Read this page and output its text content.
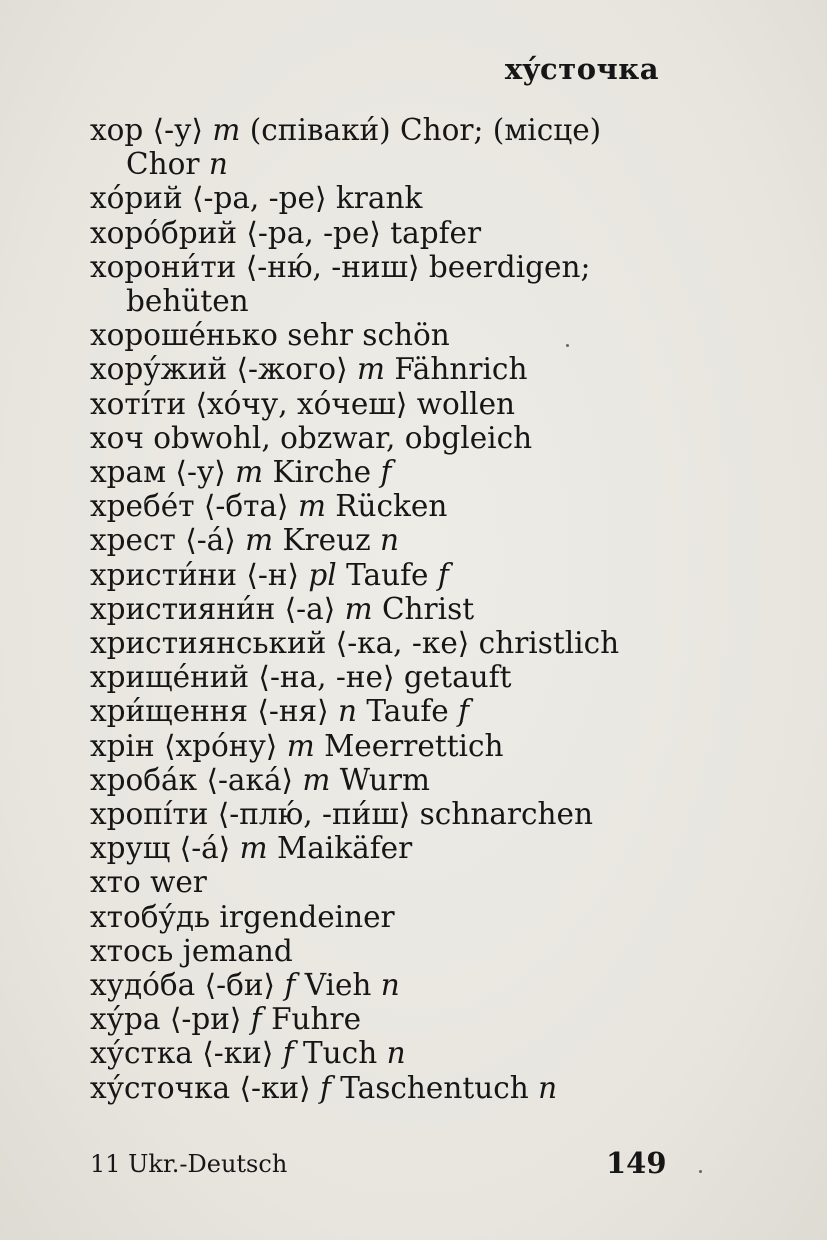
хýсточка
хор ⟨-у⟩ m (співаки́) Chor; (місце)
Chor n
хо́рий ⟨-ра, -ре⟩ krank
хоро́брий ⟨-ра, -ре⟩ tapfer
хорони́ти ⟨-ню́, -ниш⟩ beerdigen;
behüten
хороше́нько sehr schön
хору́жий ⟨-жого⟩ m Fähnrich
хоті́ти ⟨хо́чу, хо́чеш⟩ wollen
хоч obwohl, obzwar, obgleich
храм ⟨-у⟩ m Kirche f
хребе́т ⟨-бта⟩ m Rücken
хрест ⟨-а́⟩ m Kreuz n
христи́ни ⟨-н⟩ pl Taufe f
християни́н ⟨-а⟩ m Christ
християнський ⟨-ка, -ке⟩ christlich
хрище́ний ⟨-на, -не⟩ getauft
хри́щення ⟨-ня⟩ n Taufe f
хрін ⟨хро́ну⟩ m Meerrettich
хроба́к ⟨-ака́⟩ m Wurm
хропі́ти ⟨-плю́, -пи́ш⟩ schnarchen
хрущ ⟨-а́⟩ m Maikäfer
хто wer
хтобу́дь irgendeiner
хтось jemand
худо́ба ⟨-би⟩ f Vieh n
ху́ра ⟨-ри⟩ f Fuhre
ху́стка ⟨-ки⟩ f Tuch n
ху́сточка ⟨-ки⟩ f Taschentuch n
11 Ukr.-Deutsch	149
